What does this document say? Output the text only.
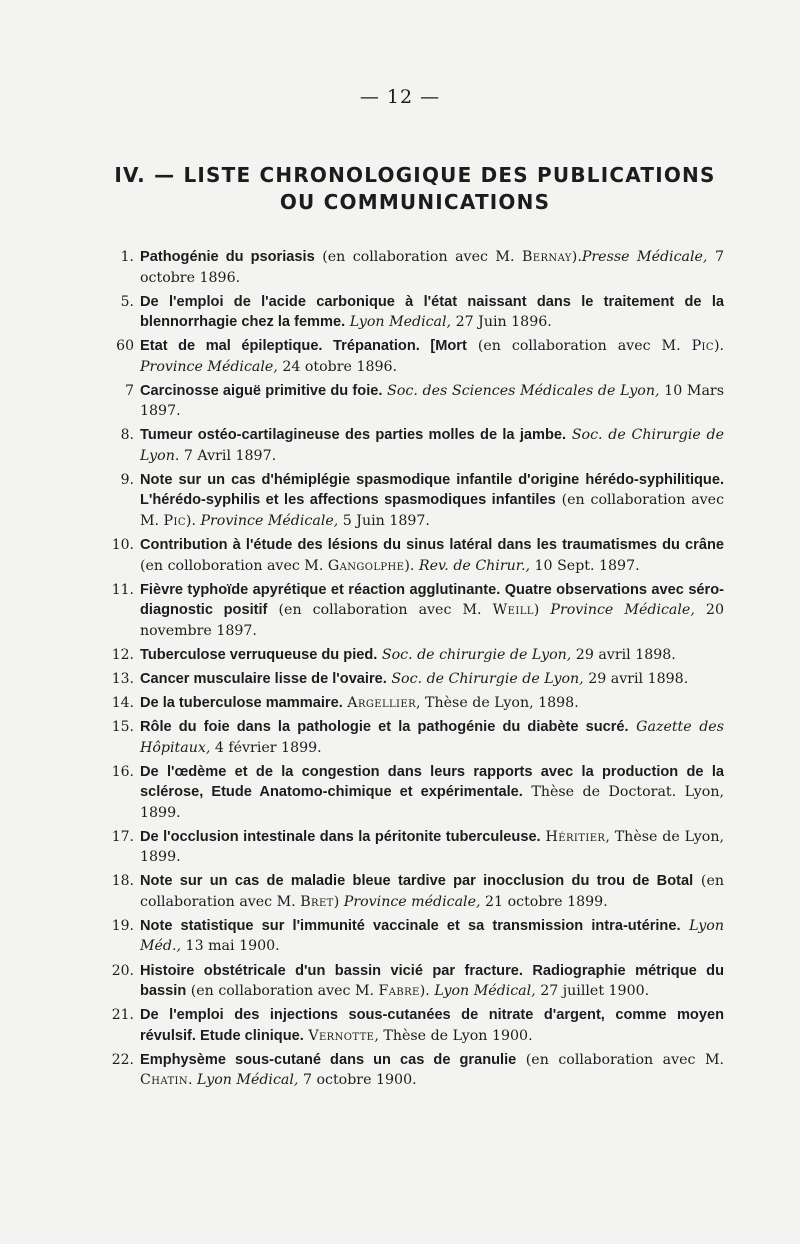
— 12 —
IV. — LISTE CHRONOLOGIQUE DES PUBLICATIONS
OU COMMUNICATIONS
1. Pathogénie du psoriasis (en collaboration avec M. Bernay).Presse Médicale, 7 octobre 1896.
5. De l'emploi de l'acide carbonique à l'état naissant dans le traitement de la blennorrhagie chez la femme. Lyon Medical, 27 Juin 1896.
60 Etat de mal épileptique. Trépanation. [Mort (en collaboration avec M. Pic). Province Médicale, 24 otobre 1896.
7 Carcinosse aiguë primitive du foie. Soc. des Sciences Médicales de Lyon, 10 Mars 1897.
8. Tumeur ostéo-cartilagineuse des parties molles de la jambe. Soc. de Chirurgie de Lyon. 7 Avril 1897.
9. Note sur un cas d'hémiplégie spasmodique infantile d'origine hérédo-syphilitique. L'hérédo-syphilis et les affections spasmodiques infantiles (en collaboration avec M. Pic). Province Médicale, 5 Juin 1897.
10. Contribution à l'étude des lésions du sinus latéral dans les traumatismes du crâne (en colloboration avec M. Gangolphe). Rev. de Chirur., 10 Sept. 1897.
11. Fièvre typhoïde apyrétique et réaction agglutinante. Quatre observations avec séro-diagnostic positif (en collaboration avec M. Weill) Province Médicale, 20 novembre 1897.
12. Tuberculose verruqueuse du pied. Soc. de chirurgie de Lyon, 29 avril 1898.
13. Cancer musculaire lisse de l'ovaire. Soc. de Chirurgie de Lyon, 29 avril 1898.
14. De la tuberculose mammaire. Argellier, Thèse de Lyon, 1898.
15. Rôle du foie dans la pathologie et la pathogénie du diabète sucré. Gazette des Hôpitaux, 4 février 1899.
16. De l'œdème et de la congestion dans leurs rapports avec la production de la sclérose, Etude Anatomo-chimique et expérimentale. Thèse de Doctorat. Lyon, 1899.
17. De l'occlusion intestinale dans la péritonite tuberculeuse. Héritier, Thèse de Lyon, 1899.
18. Note sur un cas de maladie bleue tardive par inocclusion du trou de Botal (en collaboration avec M. Bret) Province médicale, 21 octobre 1899.
19. Note statistique sur l'immunité vaccinale et sa transmission intra-utérine. Lyon Méd., 13 mai 1900.
20. Histoire obstétricale d'un bassin vicié par fracture. Radiographie métrique du bassin (en collaboration avec M. Fabre). Lyon Médical, 27 juillet 1900.
21. De l'emploi des injections sous-cutanées de nitrate d'argent, comme moyen révulsif. Etude clinique. Vernotte, Thèse de Lyon 1900.
22. Emphysème sous-cutané dans un cas de granulie (en collaboration avec M. Chatin. Lyon Médical, 7 octobre 1900.
